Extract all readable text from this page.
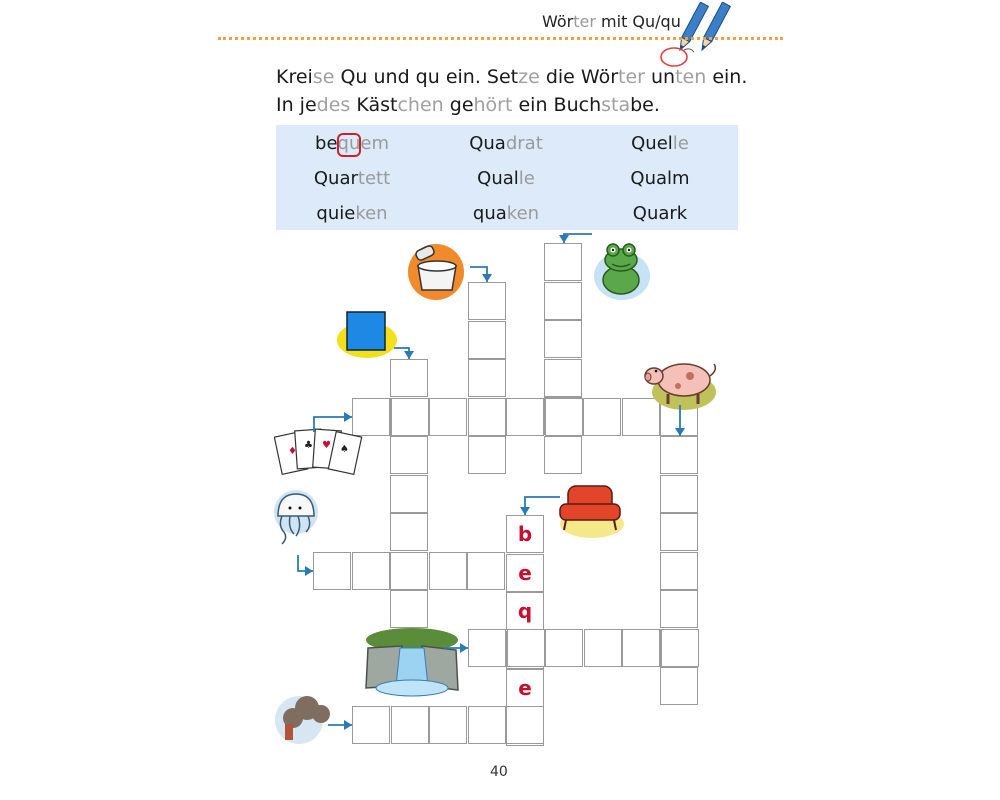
Wörter mit Qu/qu
Kreise Qu und qu ein. Setze die Wörter unten ein.
In jedes Kästchen gehört ein Buchstabe.
bequem	Quadrat	Quelle
Quartett	Qualle	Qualm
quieken	quaken	Quark
b
e
q
e
♦
♣ ♥ ♠
40
